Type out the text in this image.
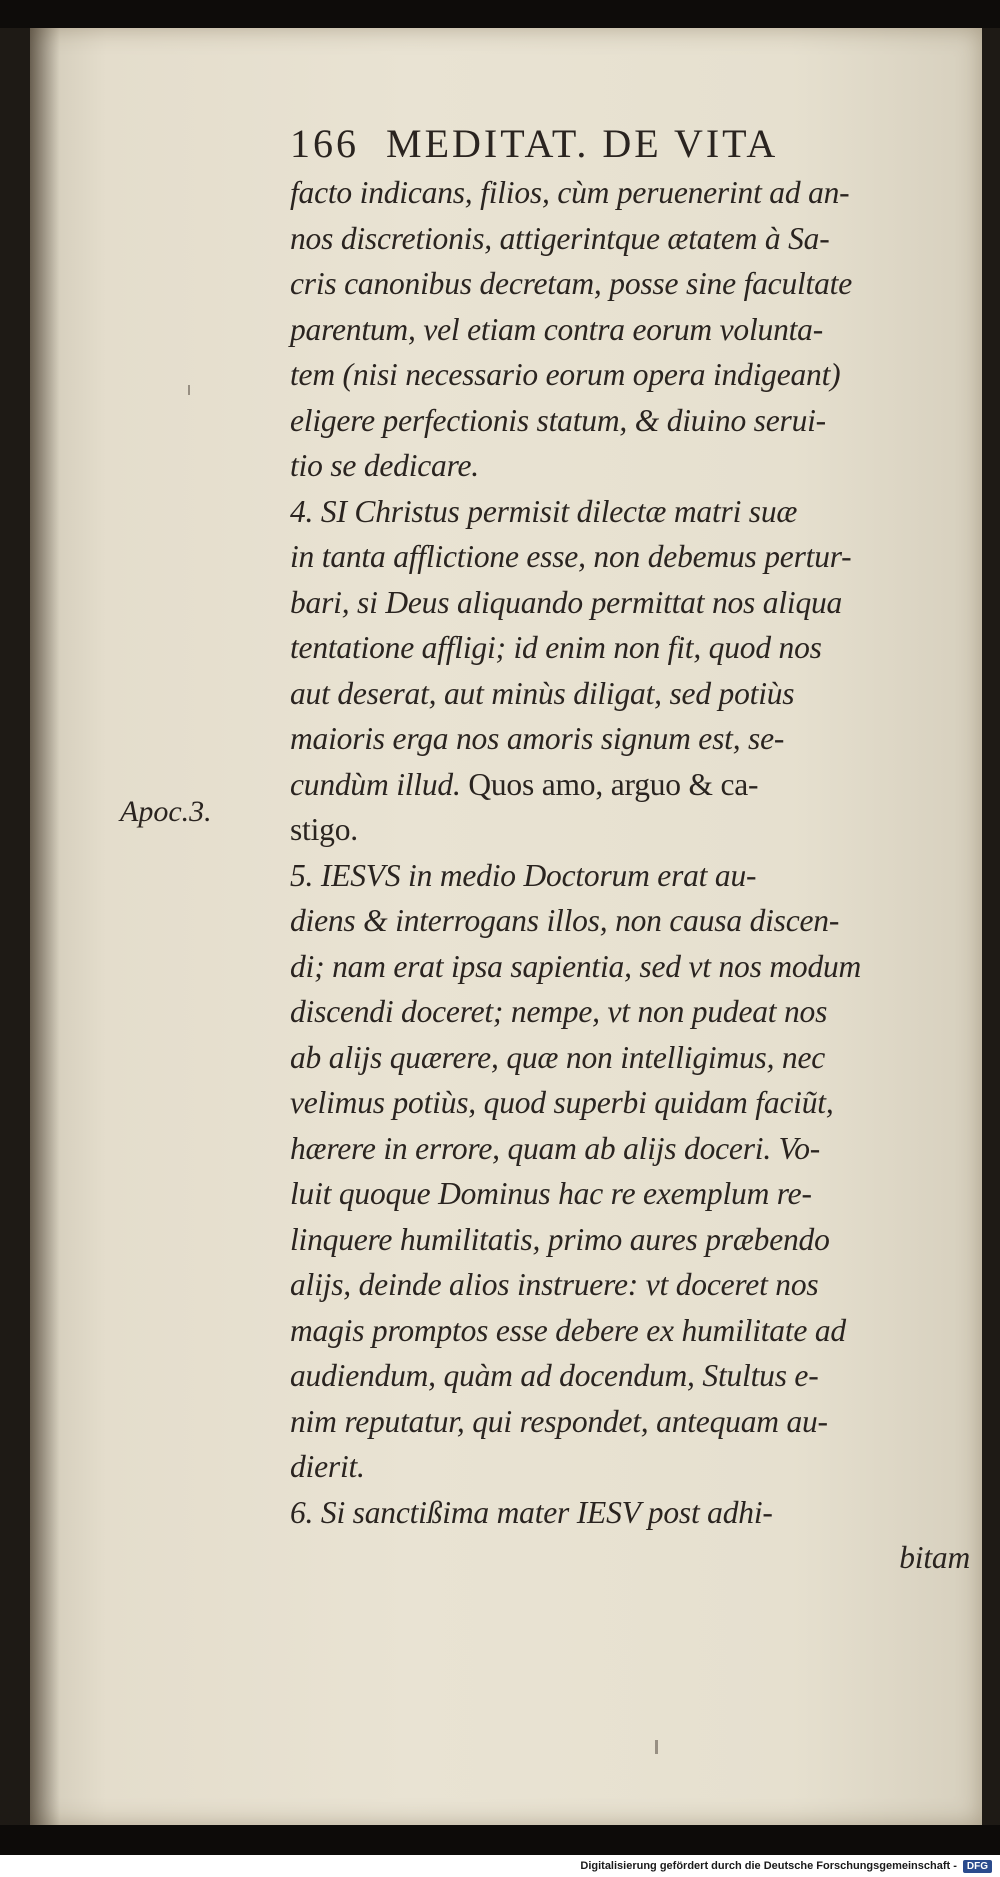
Apoc.3.
166 MEDITAT. DE VITA
facto indicans, filios, cùm peruenerint ad an-
nos discretionis, attigerintque ætatem à Sa-
cris canonibus decretam, posse sine facultate
parentum, vel etiam contra eorum volunta-
tem (nisi necessario eorum opera indigeant)
eligere perfectionis statum, & diuino serui-
tio se dedicare.
4. SI Christus permisit dilectæ matri suæ
in tanta afflictione esse, non debemus pertur-
bari, si Deus aliquando permittat nos aliqua
tentatione affligi; id enim non fit, quod nos
aut deserat, aut minùs diligat, sed potiùs
maioris erga nos amoris signum est, se-
cundùm illud. Quos amo, arguo & ca-
stigo.
5. IESVS in medio Doctorum erat au-
diens & interrogans illos, non causa discen-
di; nam erat ipsa sapientia, sed vt nos modum
discendi doceret; nempe, vt non pudeat nos
ab alijs quærere, quæ non intelligimus, nec
velimus potiùs, quod superbi quidam faciũt,
hærere in errore, quam ab alijs doceri. Vo-
luit quoque Dominus hac re exemplum re-
linquere humilitatis, primo aures præbendo
alijs, deinde alios instruere: vt doceret nos
magis promptos esse debere ex humilitate ad
audiendum, quàm ad docendum, Stultus e-
nim reputatur, qui respondet, antequam au-
dierit.
6. Si sanctißima mater IESV post adhi-
bitam
Digitalisierung gefördert durch die Deutsche Forschungsgemeinschaft -	DFG
